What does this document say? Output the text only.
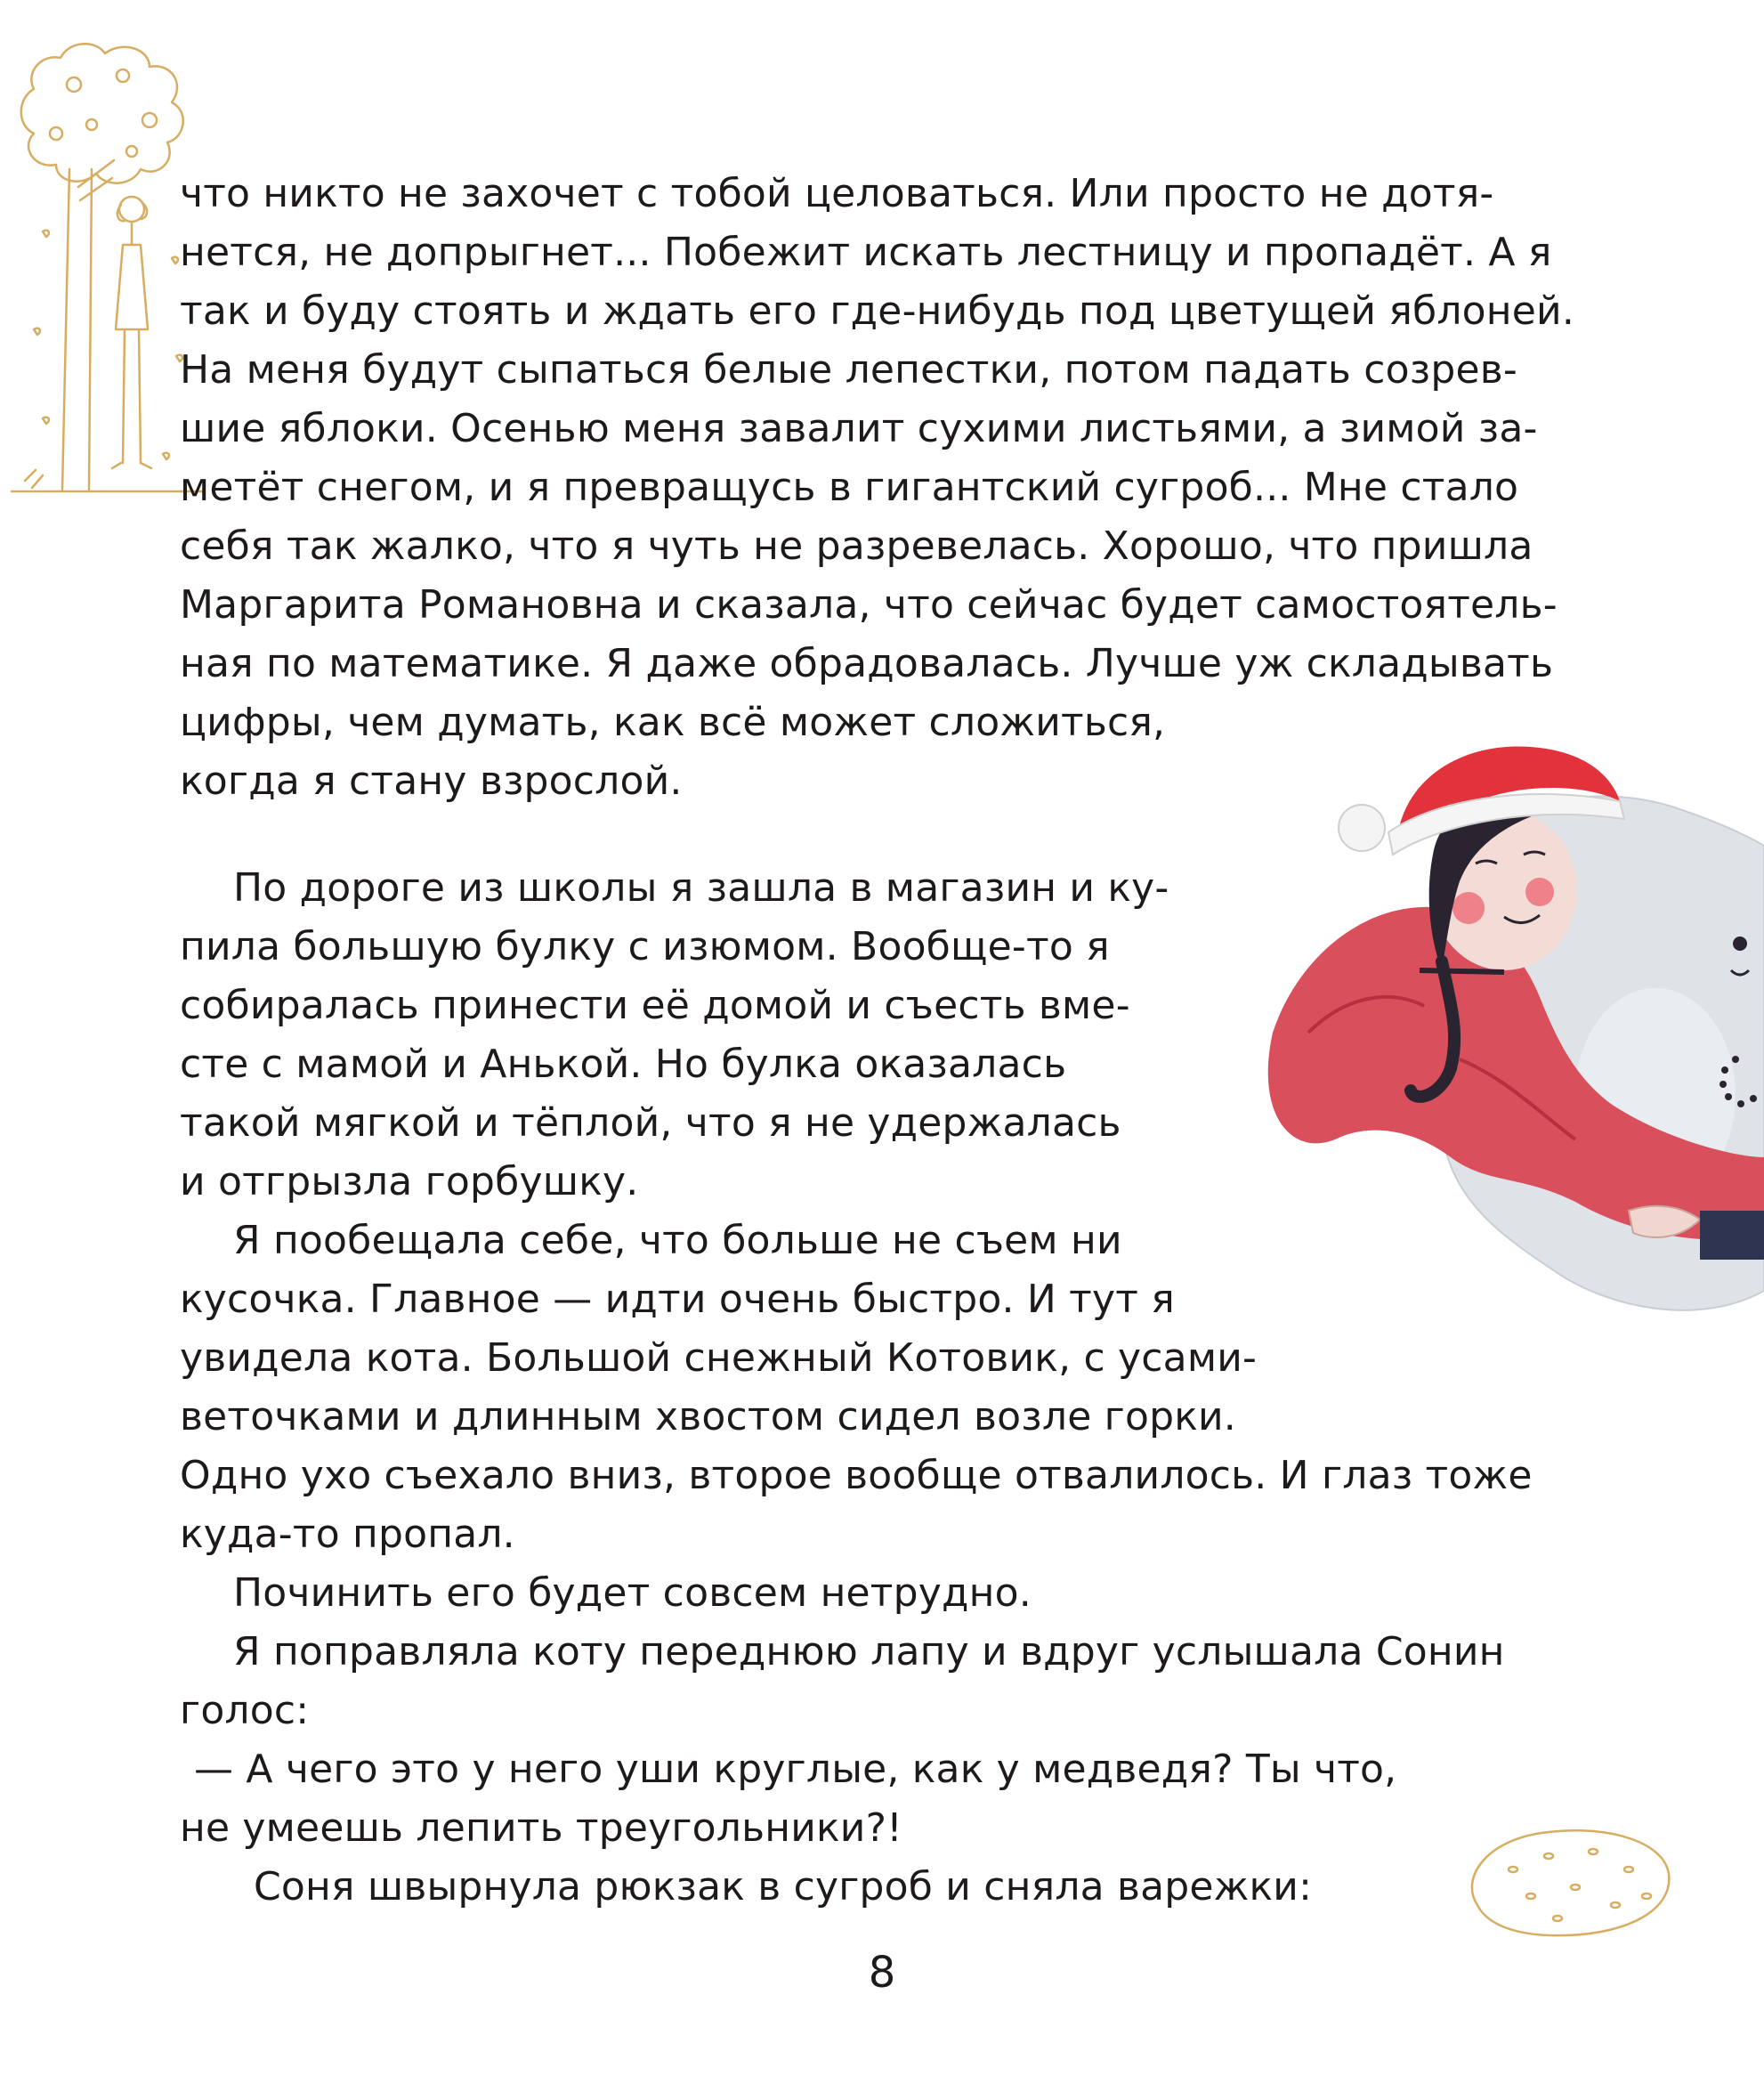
что никто не захочет с тобой целоваться. Или просто не дотя-
нется, не допрыгнет... Побежит искать лестницу и пропадёт. А я
так и буду стоять и ждать его где-нибудь под цветущей яблоней.
На меня будут сыпаться белые лепестки, потом падать созрев-
шие яблоки. Осенью меня завалит сухими листьями, а зимой за-
метёт снегом, и я превращусь в гигантский сугроб... Мне стало
себя так жалко, что я чуть не разревелась. Хорошо, что пришла
Маргарита Романовна и сказала, что сейчас будет самостоятель-
ная по математике. Я даже обрадовалась. Лучше уж складывать
цифры, чем думать, как всё может сложиться,
когда я стану взрослой.
По дороге из школы я зашла в магазин и ку-
пила большую булку с изюмом. Вообще-то я
собиралась принести её домой и съесть вме-
сте с мамой и Анькой. Но булка оказалась
такой мягкой и тёплой, что я не удержалась
и отгрызла горбушку.
Я пообещала себе, что больше не съем ни
кусочка. Главное — идти очень быстро. И тут я
увидела кота. Большой снежный Котовик, с усами-
веточками и длинным хвостом сидел возле горки.
Одно ухо съехало вниз, второе вообще отвалилось. И глаз тоже
куда-то пропал.
Починить его будет совсем нетрудно.
Я поправляла коту переднюю лапу и вдруг услышала Сонин
голос:
— А чего это у него уши круглые, как у медведя? Ты что,
не умеешь лепить треугольники?!
Соня швырнула рюкзак в сугроб и сняла варежки:
8
